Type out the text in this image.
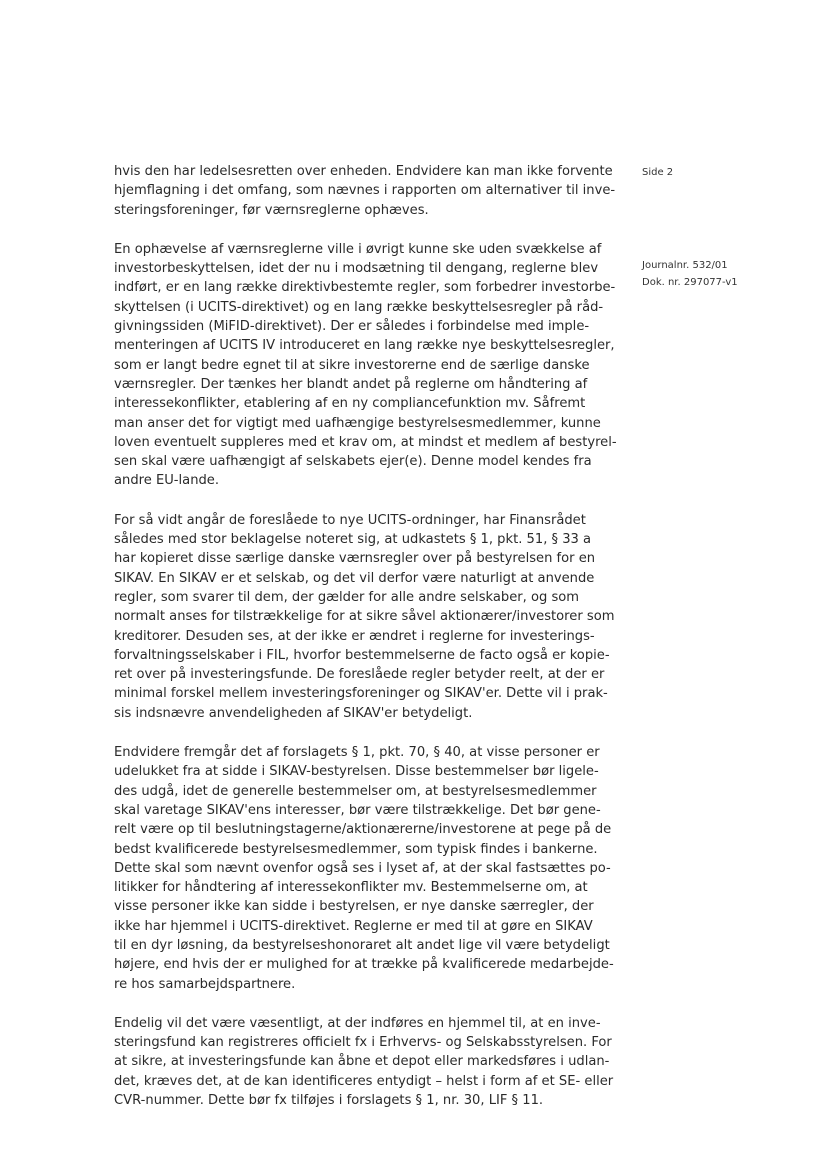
Side 2
Journalnr. 532/01
Dok. nr. 297077-v1

hvis den har ledelsesretten over enheden. Endvidere kan man ikke forvente
hjemflagning i det omfang, som nævnes i rapporten om alternativer til inve-
steringsforeninger, før værnsreglerne ophæves.

En ophævelse af værnsreglerne ville i øvrigt kunne ske uden svækkelse af
investorbeskyttelsen, idet der nu i modsætning til dengang, reglerne blev
indført, er en lang række direktivbestemte regler, som forbedrer investorbe-
skyttelsen (i UCITS-direktivet) og en lang række beskyttelsesregler på råd-
givningssiden (MiFID-direktivet). Der er således i forbindelse med imple-
menteringen af UCITS IV introduceret en lang række nye beskyttelsesregler,
som er langt bedre egnet til at sikre investorerne end de særlige danske
værnsregler. Der tænkes her blandt andet på reglerne om håndtering af
interessekonflikter, etablering af en ny compliancefunktion mv. Såfremt
man anser det for vigtigt med uafhængige bestyrelsesmedlemmer, kunne
loven eventuelt suppleres med et krav om, at mindst et medlem af bestyrel-
sen skal være uafhængigt af selskabets ejer(e). Denne model kendes fra
andre EU-lande.

For så vidt angår de foreslåede to nye UCITS-ordninger, har Finansrådet
således med stor beklagelse noteret sig, at udkastets § 1, pkt. 51, § 33 a
har kopieret disse særlige danske værnsregler over på bestyrelsen for en
SIKAV. En SIKAV er et selskab, og det vil derfor være naturligt at anvende
regler, som svarer til dem, der gælder for alle andre selskaber, og som
normalt anses for tilstrækkelige for at sikre såvel aktionærer/investorer som
kreditorer. Desuden ses, at der ikke er ændret i reglerne for investerings-
forvaltningsselskaber i FIL, hvorfor bestemmelserne de facto også er kopie-
ret over på investeringsfunde. De foreslåede regler betyder reelt, at der er
minimal forskel mellem investeringsforeninger og SIKAV'er. Dette vil i prak-
sis indsnævre anvendeligheden af SIKAV'er betydeligt.

Endvidere fremgår det af forslagets § 1, pkt. 70, § 40, at visse personer er
udelukket fra at sidde i SIKAV-bestyrelsen. Disse bestemmelser bør ligele-
des udgå, idet de generelle bestemmelser om, at bestyrelsesmedlemmer
skal varetage SIKAV'ens interesser, bør være tilstrækkelige. Det bør gene-
relt være op til beslutningstagerne/aktionærerne/investorene at pege på de
bedst kvalificerede bestyrelsesmedlemmer, som typisk findes i bankerne.
Dette skal som nævnt ovenfor også ses i lyset af, at der skal fastsættes po-
litikker for håndtering af interessekonflikter mv. Bestemmelserne om, at
visse personer ikke kan sidde i bestyrelsen, er nye danske særregler, der
ikke har hjemmel i UCITS-direktivet. Reglerne er med til at gøre en SIKAV
til en dyr løsning, da bestyrelseshonoraret alt andet lige vil være betydeligt
højere, end hvis der er mulighed for at trække på kvalificerede medarbejde-
re hos samarbejdspartnere.

Endelig vil det være væsentligt, at der indføres en hjemmel til, at en inve-
steringsfund kan registreres officielt fx i Erhvervs- og Selskabsstyrelsen. For
at sikre, at investeringsfunde kan åbne et depot eller markedsføres i udlan-
det, kræves det, at de kan identificeres entydigt – helst i form af et SE- eller
CVR-nummer. Dette bør fx tilføjes i forslagets § 1, nr. 30, LIF § 11.
